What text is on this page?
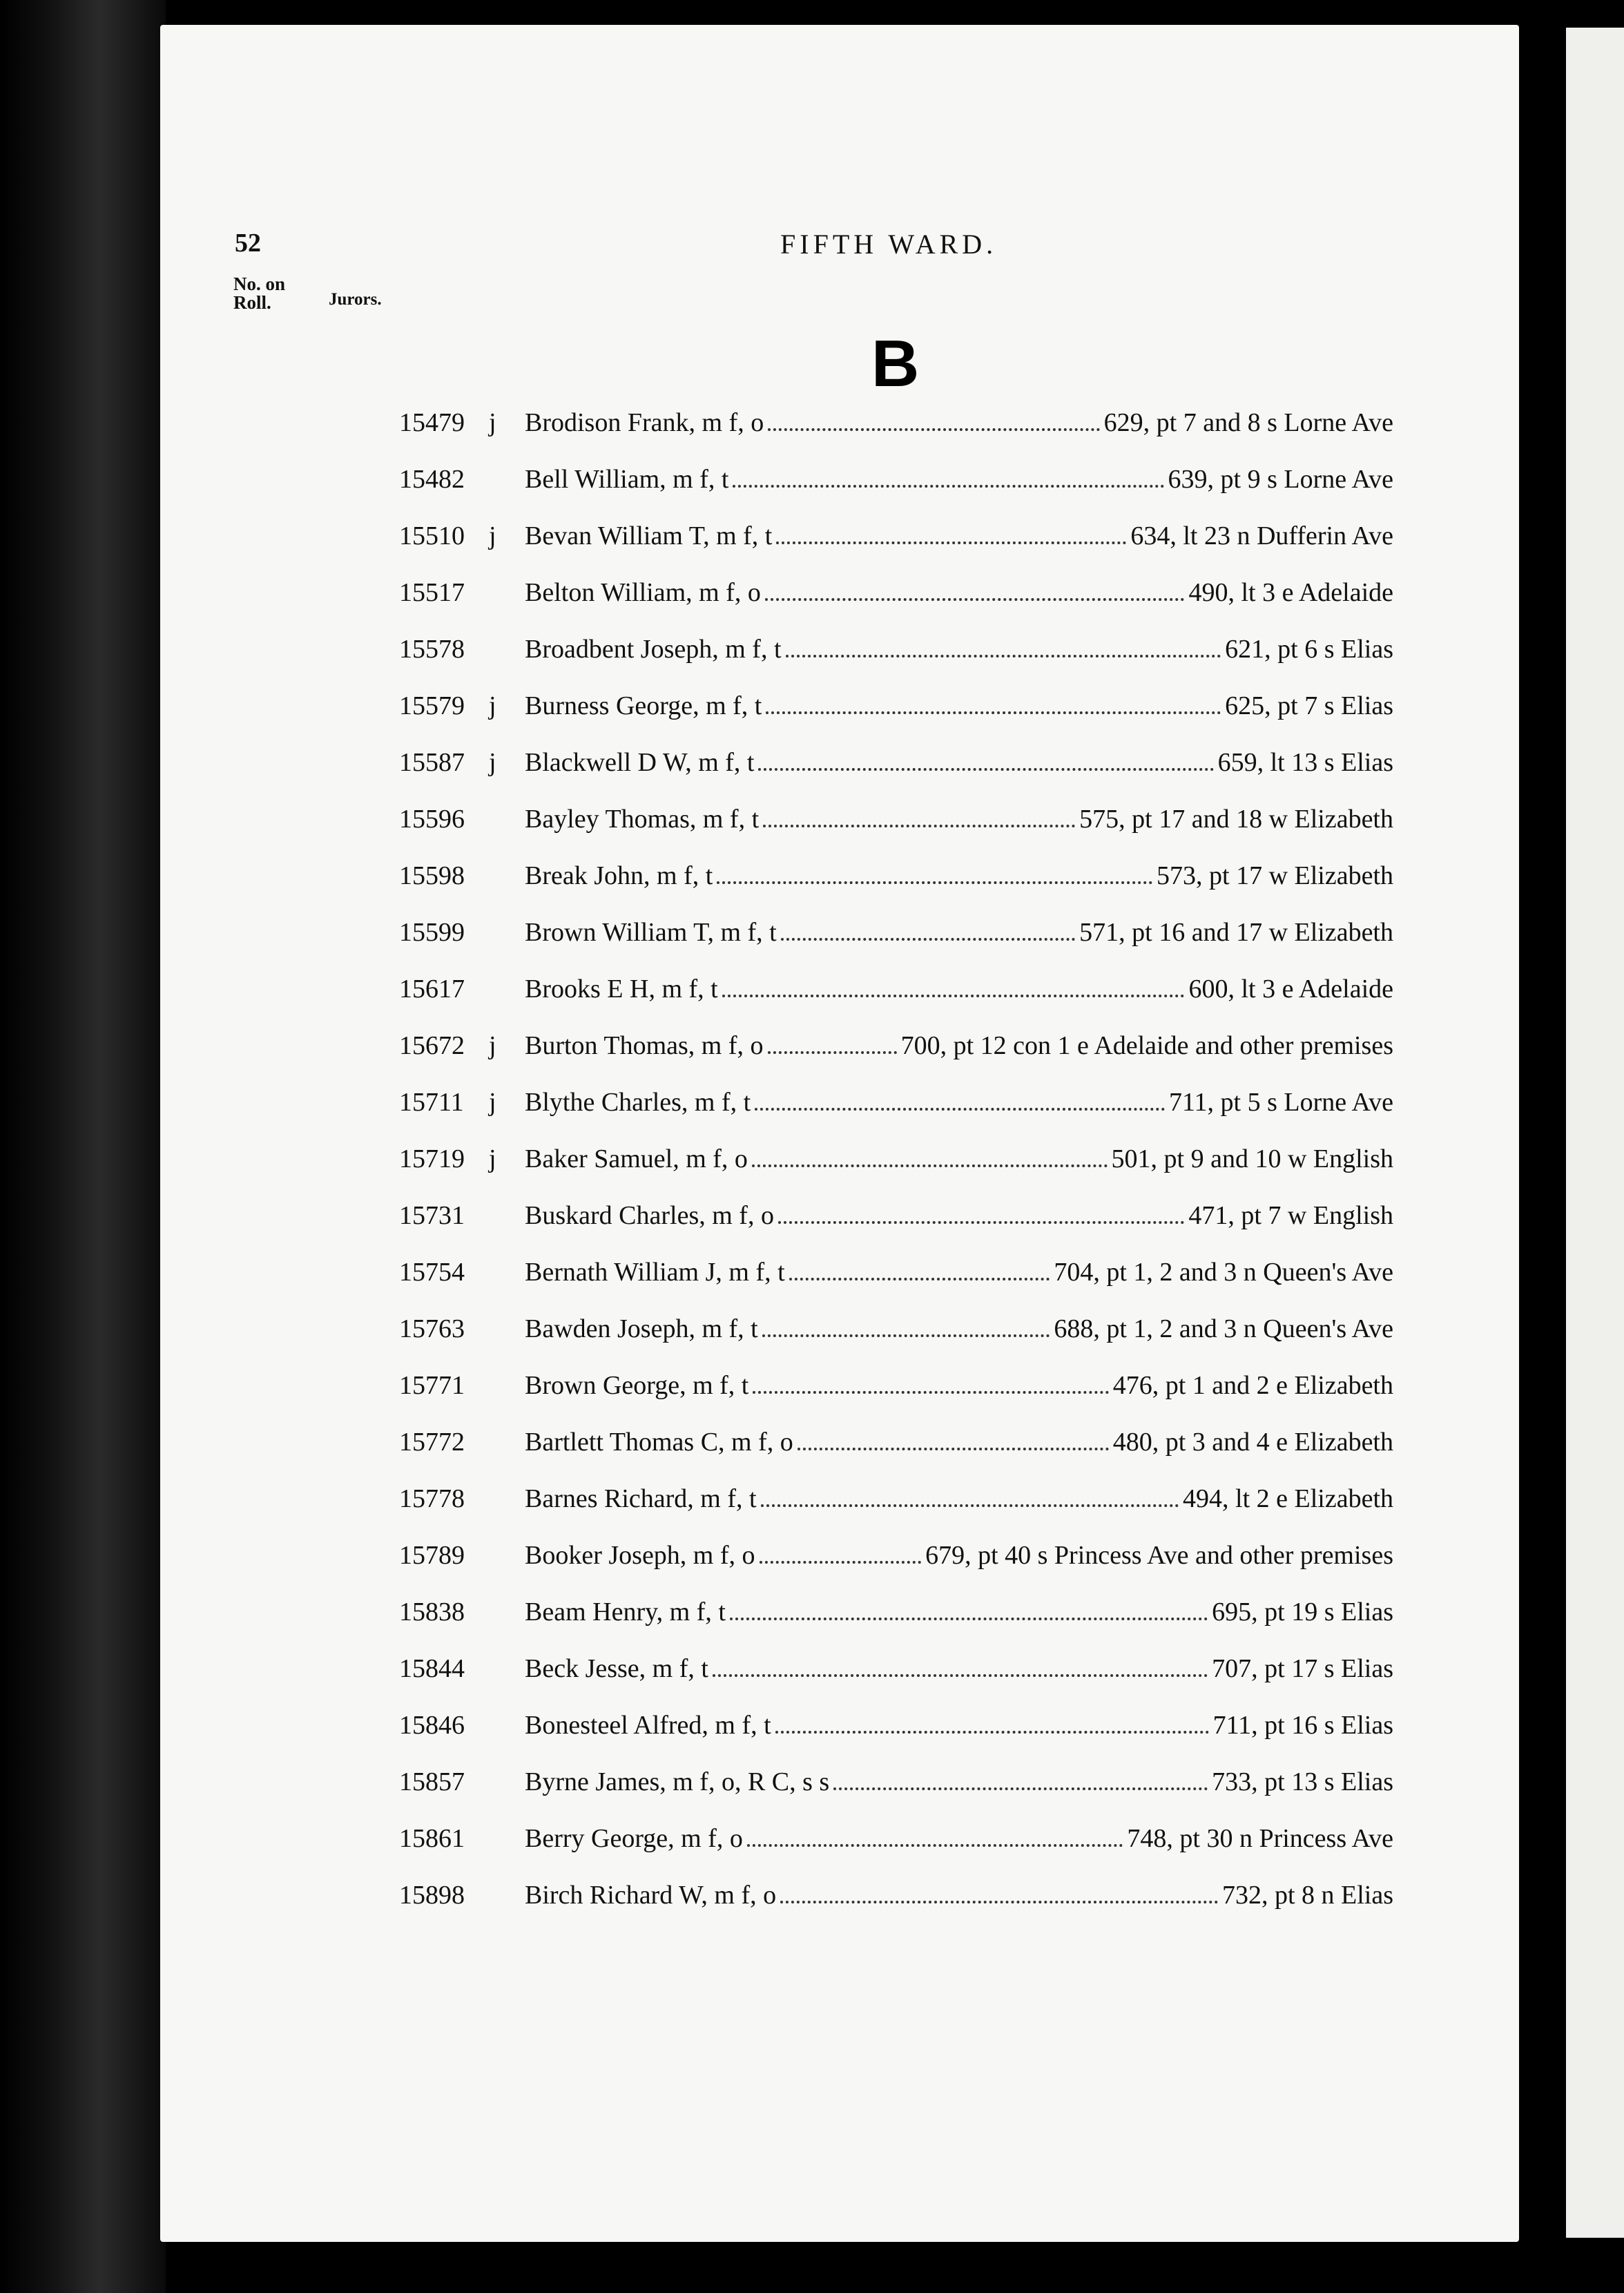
52	FIFTH WARD.
No. on Roll.	Jurors.
B
15479 j	Brodison Frank, m f, o	629, pt 7 and 8 s Lorne Ave
15482	Bell William, m f, t	639, pt 9 s Lorne Ave
15510 j	Bevan William T, m f, t	634, lt 23 n Dufferin Ave
15517	Belton William, m f, o	490, lt 3 e Adelaide
15578	Broadbent Joseph, m f, t	621, pt 6 s Elias
15579 j	Burness George, m f, t	625, pt 7 s Elias
15587 j	Blackwell D W, m f, t	659, lt 13 s Elias
15596	Bayley Thomas, m f, t	575, pt 17 and 18 w Elizabeth
15598	Break John, m f, t	573, pt 17 w Elizabeth
15599	Brown William T, m f, t	571, pt 16 and 17 w Elizabeth
15617	Brooks E H, m f, t	600, lt 3 e Adelaide
15672 j	Burton Thomas, m f, o	700, pt 12 con 1 e Adelaide and other premises
15711 j	Blythe Charles, m f, t	711, pt 5 s Lorne Ave
15719 j	Baker Samuel, m f, o	501, pt 9 and 10 w English
15731	Buskard Charles, m f, o	471, pt 7 w English
15754	Bernath William J, m f, t	704, pt 1, 2 and 3 n Queen's Ave
15763	Bawden Joseph, m f, t	688, pt 1, 2 and 3 n Queen's Ave
15771	Brown George, m f, t	476, pt 1 and 2 e Elizabeth
15772	Bartlett Thomas C, m f, o	480, pt 3 and 4 e Elizabeth
15778	Barnes Richard, m f, t	494, lt 2 e Elizabeth
15789	Booker Joseph, m f, o	679, pt 40 s Princess Ave and other premises
15838	Beam Henry, m f, t	695, pt 19 s Elias
15844	Beck Jesse, m f, t	707, pt 17 s Elias
15846	Bonesteel Alfred, m f, t	711, pt 16 s Elias
15857	Byrne James, m f, o, R C, s s	733, pt 13 s Elias
15861	Berry George, m f, o	748, pt 30 n Princess Ave
15898	Birch Richard W, m f, o	732, pt 8 n Elias
